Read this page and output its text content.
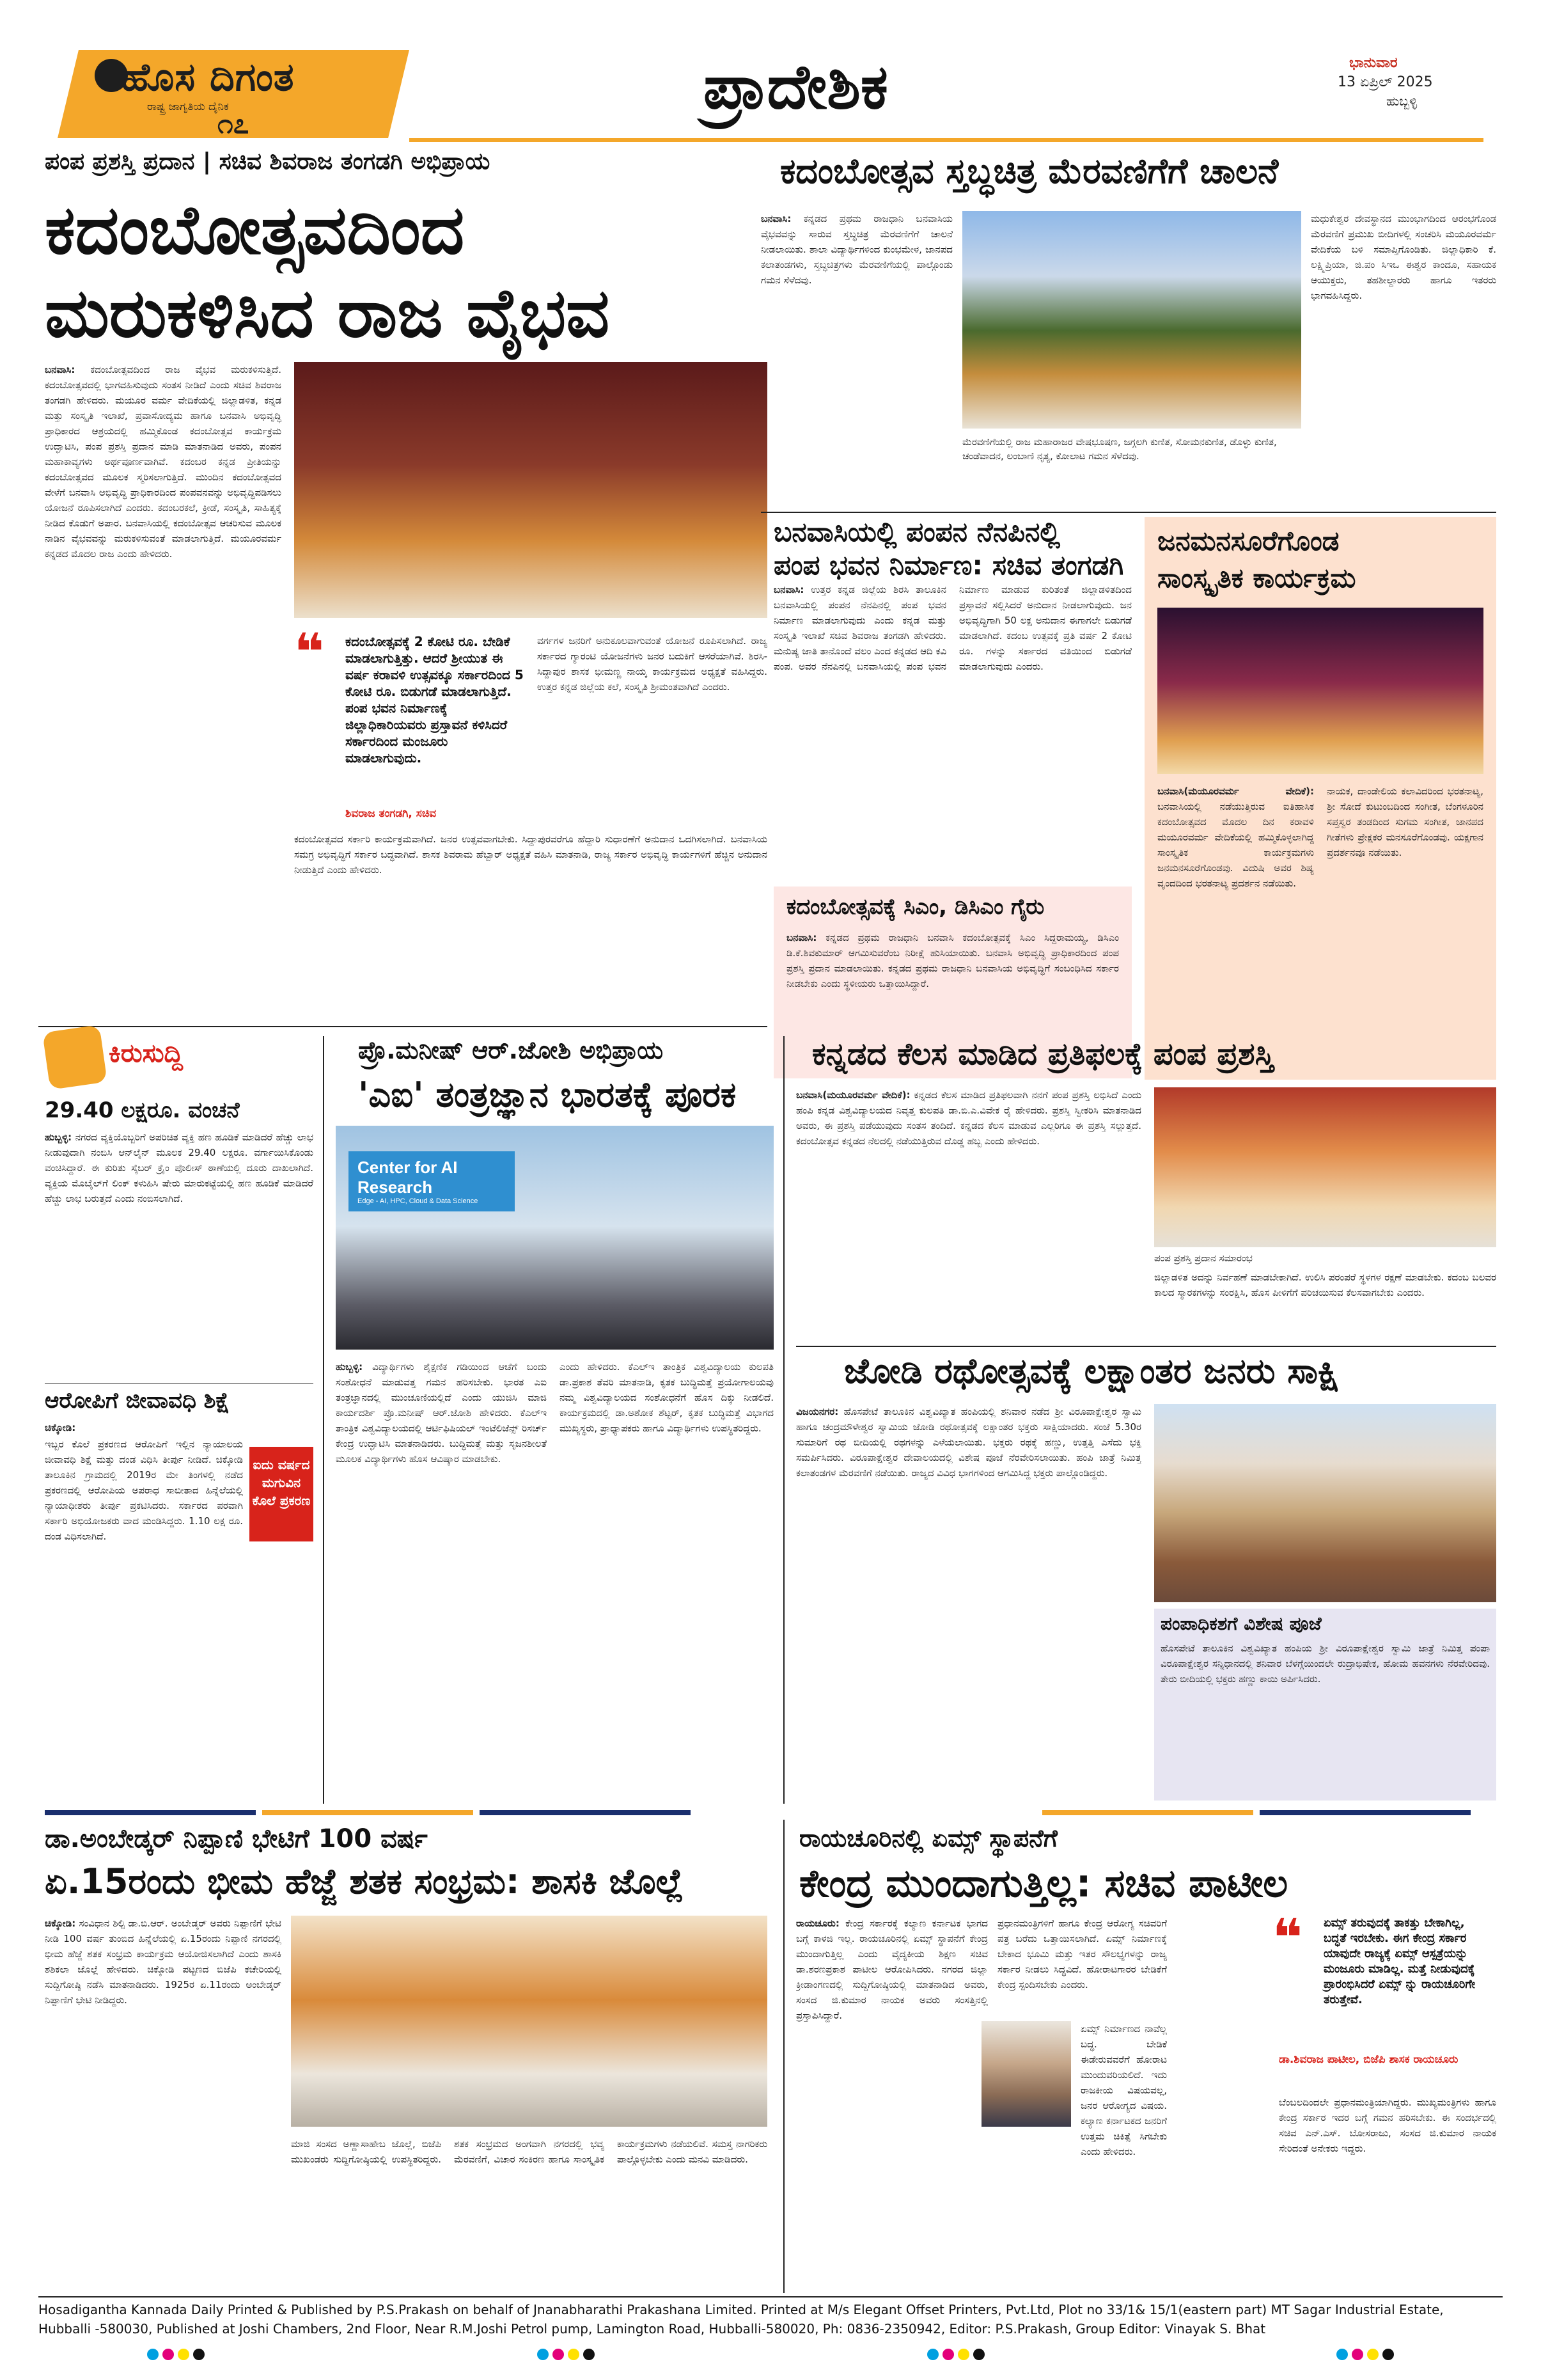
ಹೊಸ ದಿಗಂತ
ರಾಷ್ಟ್ರ ಜಾಗೃತಿಯ ದೈನಿಕ
೧೭
ಪ್ರಾದೇಶಿಕ	ಭಾನುವಾರ
13 ಏಪ್ರಿಲ್ 2025
ಹುಬ್ಬಳ್ಳಿ
ಪಂಪ ಪ್ರಶಸ್ತಿ ಪ್ರದಾನ | ಸಚಿವ ಶಿವರಾಜ ತಂಗಡಗಿ ಅಭಿಪ್ರಾಯ
ಕದಂಬೋತ್ಸವದಿಂದ
ಮರುಕಳಿಸಿದ ರಾಜ ವೈಭವ
ಬನವಾಸಿ: ಕದಂಬೋತ್ಸವದಿಂದ ರಾಜ ವೈಭವ ಮರುಕಳಿಸುತ್ತಿದೆ. ಕದಂಬೋತ್ಸವದಲ್ಲಿ ಭಾಗವಹಿಸುವುದು ಸಂತಸ ನೀಡಿದೆ ಎಂದು ಸಚಿವ ಶಿವರಾಜ ತಂಗಡಗಿ ಹೇಳಿದರು. ಮಯೂರ ವರ್ಮ ವೇದಿಕೆಯಲ್ಲಿ ಜಿಲ್ಲಾಡಳಿತ, ಕನ್ನಡ ಮತ್ತು ಸಂಸ್ಕೃತಿ ಇಲಾಖೆ, ಪ್ರವಾಸೋದ್ಯಮ ಹಾಗೂ ಬನವಾಸಿ ಅಭಿವೃದ್ಧಿ ಪ್ರಾಧಿಕಾರದ ಆಶ್ರಯದಲ್ಲಿ ಹಮ್ಮಿಕೊಂಡ ಕದಂಬೋತ್ಸವ ಕಾರ್ಯಕ್ರಮ ಉದ್ಘಾಟಿಸಿ, ಪಂಪ ಪ್ರಶಸ್ತಿ ಪ್ರದಾನ ಮಾಡಿ ಮಾತನಾಡಿದ ಅವರು, ಪಂಪನ ಮಹಾಕಾವ್ಯಗಳು ಅರ್ಥಪೂರ್ಣವಾಗಿವೆ. ಕದಂಬರ ಕನ್ನಡ ಪ್ರೀತಿಯನ್ನು ಕದಂಬೋತ್ಸವದ ಮೂಲಕ ಸ್ಮರಿಸಲಾಗುತ್ತಿದೆ. ಮುಂದಿನ ಕದಂಬೋತ್ಸವದ ವೇಳೆಗೆ ಬನವಾಸಿ ಅಭಿವೃದ್ಧಿ ಪ್ರಾಧಿಕಾರದಿಂದ ಪಂಪವನವನ್ನು ಅಭಿವೃದ್ಧಿಪಡಿಸಲು ಯೋಜನೆ ರೂಪಿಸಲಾಗಿದೆ ಎಂದರು. ಕದಂಬರಕಲೆ, ಕ್ರೀಡೆ, ಸಂಸ್ಕೃತಿ, ಸಾಹಿತ್ಯಕ್ಕೆ ನೀಡಿದ ಕೊಡುಗೆ ಅಪಾರ. ಬನವಾಸಿಯಲ್ಲಿ ಕದಂಬೋತ್ಸವ ಆಚರಿಸುವ ಮೂಲಕ ನಾಡಿನ ವೈಭವವನ್ನು ಮರುಕಳಿಸುವಂತೆ ಮಾಡಲಾಗುತ್ತಿದೆ. ಮಯೂರವರ್ಮ ಕನ್ನಡದ ಮೊದಲ ರಾಜ ಎಂದು ಹೇಳಿದರು.
❝	ಕದಂಬೋತ್ಸವಕ್ಕೆ 2 ಕೋಟಿ ರೂ. ಬೇಡಿಕೆ ಮಾಡಲಾಗುತ್ತಿತ್ತು. ಆದರೆ ಶ್ರೀಯುತ ಈ ವರ್ಷ ಕರಾವಳಿ ಉತ್ಸವಕ್ಕೂ ಸರ್ಕಾರದಿಂದ 5 ಕೋಟಿ ರೂ. ಬಿಡುಗಡೆ ಮಾಡಲಾಗುತ್ತಿದೆ. ಪಂಪ ಭವನ ನಿರ್ಮಾಣಕ್ಕೆ ಜಿಲ್ಲಾಧಿಕಾರಿಯವರು ಪ್ರಸ್ತಾವನೆ ಕಳಿಸಿದರೆ ಸರ್ಕಾರದಿಂದ ಮಂಜೂರು ಮಾಡಲಾಗುವುದು.
ಶಿವರಾಜ ತಂಗಡಗಿ, ಸಚಿವ
ವರ್ಗಗಳ ಜನರಿಗೆ ಅನುಕೂಲವಾಗುವಂತೆ ಯೋಜನೆ ರೂಪಿಸಲಾಗಿದೆ. ರಾಜ್ಯ ಸರ್ಕಾರದ ಗ್ಯಾರಂಟಿ ಯೋಜನೆಗಳು ಜನರ ಬದುಕಿಗೆ ಆಸರೆಯಾಗಿವೆ. ಶಿರಸಿ-ಸಿದ್ದಾಪುರ ಶಾಸಕ ಭೀಮಣ್ಣ ನಾಯ್ಕ ಕಾರ್ಯಕ್ರಮದ ಅಧ್ಯಕ್ಷತೆ ವಹಿಸಿದ್ದರು. ಉತ್ತರ ಕನ್ನಡ ಜಿಲ್ಲೆಯ ಕಲೆ, ಸಂಸ್ಕೃತಿ ಶ್ರೀಮಂತವಾಗಿದೆ ಎಂದರು.
ಕದಂಬೋತ್ಸವದ ಸರ್ಕಾರಿ ಕಾರ್ಯಕ್ರಮವಾಗಿದೆ. ಜನರ ಉತ್ಸವವಾಗಬೇಕು. ಸಿದ್ದಾಪುರವರೆಗೂ ಹೆದ್ದಾರಿ ಸುಧಾರಣೆಗೆ ಅನುದಾನ ಒದಗಿಸಲಾಗಿದೆ. ಬನವಾಸಿಯ ಸಮಗ್ರ ಅಭಿವೃದ್ಧಿಗೆ ಸರ್ಕಾರ ಬದ್ಧವಾಗಿದೆ. ಶಾಸಕ ಶಿವರಾಮ ಹೆಬ್ಬಾರ್ ಅಧ್ಯಕ್ಷತೆ ವಹಿಸಿ ಮಾತನಾಡಿ, ರಾಜ್ಯ ಸರ್ಕಾರ ಅಭಿವೃದ್ಧಿ ಕಾರ್ಯಗಳಿಗೆ ಹೆಚ್ಚಿನ ಅನುದಾನ ನೀಡುತ್ತಿದೆ ಎಂದು ಹೇಳಿದರು.
ಕದಂಬೋತ್ಸವ ಸ್ತಬ್ಧಚಿತ್ರ ಮೆರವಣಿಗೆಗೆ ಚಾಲನೆ
ಬನವಾಸಿ: ಕನ್ನಡದ ಪ್ರಥಮ ರಾಜಧಾನಿ ಬನವಾಸಿಯ ವೈಭವವನ್ನು ಸಾರುವ ಸ್ತಬ್ಧಚಿತ್ರ ಮೆರವಣಿಗೆಗೆ ಚಾಲನೆ ನೀಡಲಾಯಿತು. ಶಾಲಾ ವಿದ್ಯಾರ್ಥಿಗಳಿಂದ ಕುಂಭಮೇಳ, ಜಾನಪದ ಕಲಾತಂಡಗಳು, ಸ್ತಬ್ಧಚಿತ್ರಗಳು ಮೆರವಣಿಗೆಯಲ್ಲಿ ಪಾಲ್ಗೊಂಡು ಗಮನ ಸೆಳೆದವು.
ಮೆರವಣಿಗೆಯಲ್ಲಿ ರಾಜ ಮಹಾರಾಜರ ವೇಷಭೂಷಣ, ಜಗ್ಗಲಗಿ ಕುಣಿತ, ಸೋಮನಕುಣಿತ, ಡೊಳ್ಳು ಕುಣಿತ, ಚಂಡೆವಾದನ, ಲಂಬಾಣಿ ನೃತ್ಯ, ಕೋಲಾಟ ಗಮನ ಸೆಳೆದವು.
ಮಧುಕೇಶ್ವರ ದೇವಸ್ಥಾನದ ಮುಂಭಾಗದಿಂದ ಆರಂಭಗೊಂಡ ಮೆರವಣಿಗೆ ಪ್ರಮುಖ ಬೀದಿಗಳಲ್ಲಿ ಸಂಚರಿಸಿ ಮಯೂರವರ್ಮ ವೇದಿಕೆಯ ಬಳಿ ಸಮಾಪ್ತಿಗೊಂಡಿತು. ಜಿಲ್ಲಾಧಿಕಾರಿ ಕೆ. ಲಕ್ಷ್ಮಿಪ್ರಿಯಾ, ಜಿ.ಪಂ ಸಿಇಒ ಈಶ್ವರ ಕಾಂದೂ, ಸಹಾಯಕ ಆಯುಕ್ತರು, ತಹಶೀಲ್ದಾರರು ಹಾಗೂ ಇತರರು ಭಾಗವಹಿಸಿದ್ದರು.
ಬನವಾಸಿಯಲ್ಲಿ ಪಂಪನ ನೆನಪಿನಲ್ಲಿ
ಪಂಪ ಭವನ ನಿರ್ಮಾಣ: ಸಚಿವ ತಂಗಡಗಿ
ಬನವಾಸಿ: ಉತ್ತರ ಕನ್ನಡ ಜಿಲ್ಲೆಯ ಶಿರಸಿ ತಾಲೂಕಿನ ಬನವಾಸಿಯಲ್ಲಿ ಪಂಪನ ನೆನಪಿನಲ್ಲಿ ಪಂಪ ಭವನ ನಿರ್ಮಾಣ ಮಾಡಲಾಗುವುದು ಎಂದು ಕನ್ನಡ ಮತ್ತು ಸಂಸ್ಕೃತಿ ಇಲಾಖೆ ಸಚಿವ ಶಿವರಾಜ ತಂಗಡಗಿ ಹೇಳಿದರು. ಮನುಷ್ಯ ಜಾತಿ ತಾನೊಂದೆ ವಲಂ ಎಂದ ಕನ್ನಡದ ಆದಿ ಕವಿ ಪಂಪ. ಅವರ ನೆನಪಿನಲ್ಲಿ ಬನವಾಸಿಯಲ್ಲಿ ಪಂಪ ಭವನ ನಿರ್ಮಾಣ ಮಾಡುವ ಕುರಿತಂತೆ ಜಿಲ್ಲಾಡಳಿತದಿಂದ ಪ್ರಸ್ತಾವನೆ ಸಲ್ಲಿಸಿದರೆ ಅನುದಾನ ನೀಡಲಾಗುವುದು. ಜನ ಅಭಿವೃದ್ಧಿಗಾಗಿ 50 ಲಕ್ಷ ಅನುದಾನ ಈಗಾಗಲೇ ಬಿಡುಗಡೆ ಮಾಡಲಾಗಿದೆ. ಕದಂಬ ಉತ್ಸವಕ್ಕೆ ಪ್ರತಿ ವರ್ಷ 2 ಕೋಟಿ ರೂ. ಗಳನ್ನು ಸರ್ಕಾರದ ವತಿಯಿಂದ ಬಿಡುಗಡೆ ಮಾಡಲಾಗುವುದು ಎಂದರು.
ಜನಮನಸೂರೆಗೊಂಡ
ಸಾಂಸ್ಕೃತಿಕ ಕಾರ್ಯಕ್ರಮ
ಬನವಾಸಿ(ಮಯೂರವರ್ಮ ವೇದಿಕೆ): ಬನವಾಸಿಯಲ್ಲಿ ನಡೆಯುತ್ತಿರುವ ಐತಿಹಾಸಿಕ ಕದಂಬೋತ್ಸವದ ಮೊದಲ ದಿನ ಕರಾವಳಿ ಮಯೂರವರ್ಮ ವೇದಿಕೆಯಲ್ಲಿ ಹಮ್ಮಿಕೊಳ್ಳಲಾಗಿದ್ದ ಸಾಂಸ್ಕೃತಿಕ ಕಾರ್ಯಕ್ರಮಗಳು ಜನಮನಸೂರೆಗೊಂಡವು. ವಿದುಷಿ ಅವರ ಶಿಷ್ಯ ವೃಂದದಿಂದ ಭರತನಾಟ್ಯ ಪ್ರದರ್ಶನ ನಡೆಯಿತು.
ನಾಯಕ, ದಾಂಡೇಲಿಯ ಕಲಾವಿದರಿಂದ ಭರತನಾಟ್ಯ, ಶ್ರೀ ಸೋದೆ ಕುಟುಂಬದಿಂದ ಸಂಗೀತ, ಬೆಂಗಳೂರಿನ ಸಪ್ತಸ್ವರ ತಂಡದಿಂದ ಸುಗಮ ಸಂಗೀತ, ಜಾನಪದ ಗೀತೆಗಳು ಪ್ರೇಕ್ಷಕರ ಮನಸೂರೆಗೊಂಡವು. ಯಕ್ಷಗಾನ ಪ್ರದರ್ಶನವೂ ನಡೆಯಿತು.
ಕದಂಬೋತ್ಸವಕ್ಕೆ ಸಿಎಂ, ಡಿಸಿಎಂ ಗೈರು
ಬನವಾಸಿ: ಕನ್ನಡದ ಪ್ರಥಮ ರಾಜಧಾನಿ ಬನವಾಸಿ ಕದಂಬೋತ್ಸವಕ್ಕೆ ಸಿಎಂ ಸಿದ್ದರಾಮಯ್ಯ, ಡಿಸಿಎಂ ಡಿ.ಕೆ.ಶಿವಕುಮಾರ್ ಆಗಮಿಸುವರೆಂಬ ನಿರೀಕ್ಷೆ ಹುಸಿಯಾಯಿತು. ಬನವಾಸಿ ಅಭಿವೃದ್ಧಿ ಪ್ರಾಧಿಕಾರದಿಂದ ಪಂಪ ಪ್ರಶಸ್ತಿ ಪ್ರದಾನ ಮಾಡಲಾಯಿತು. ಕನ್ನಡದ ಪ್ರಥಮ ರಾಜಧಾನಿ ಬನವಾಸಿಯ ಅಭಿವೃದ್ಧಿಗೆ ಸಂಬಂಧಿಸಿದ ಸರ್ಕಾರ ನೀಡಬೇಕು ಎಂದು ಸ್ಥಳೀಯರು ಒತ್ತಾಯಿಸಿದ್ದಾರೆ.
ಕಿರುಸುದ್ದಿ
29.40 ಲಕ್ಷರೂ. ವಂಚನೆ
ಹುಬ್ಬಳ್ಳಿ: ನಗರದ ವ್ಯಕ್ತಿಯೊಬ್ಬರಿಗೆ ಅಪರಿಚಿತ ವ್ಯಕ್ತಿ ಹಣ ಹೂಡಿಕೆ ಮಾಡಿದರೆ ಹೆಚ್ಚು ಲಾಭ ನೀಡುವುದಾಗಿ ನಂಬಿಸಿ ಆನ್‌ಲೈನ್ ಮೂಲಕ 29.40 ಲಕ್ಷರೂ. ವರ್ಗಾಯಿಸಿಕೊಂಡು ವಂಚಿಸಿದ್ದಾರೆ. ಈ ಕುರಿತು ಸೈಬರ್ ಕ್ರೈಂ ಪೊಲೀಸ್ ಠಾಣೆಯಲ್ಲಿ ದೂರು ದಾಖಲಾಗಿದೆ. ವ್ಯಕ್ತಿಯ ಮೊಬೈಲ್‌ಗೆ ಲಿಂಕ್ ಕಳುಹಿಸಿ ಷೇರು ಮಾರುಕಟ್ಟೆಯಲ್ಲಿ ಹಣ ಹೂಡಿಕೆ ಮಾಡಿದರೆ ಹೆಚ್ಚು ಲಾಭ ಬರುತ್ತದೆ ಎಂದು ನಂಬಿಸಲಾಗಿದೆ.
ಆರೋಪಿಗೆ ಜೀವಾವಧಿ ಶಿಕ್ಷೆ
ಚಿಕ್ಕೋಡಿ:
ಇಬ್ಬರ ಕೊಲೆ ಪ್ರಕರಣದ ಆರೋಪಿಗೆ ಇಲ್ಲಿನ ನ್ಯಾಯಾಲಯ ಜೀವಾವಧಿ ಶಿಕ್ಷೆ ಮತ್ತು ದಂಡ ವಿಧಿಸಿ ತೀರ್ಪು ನೀಡಿದೆ. ಚಿಕ್ಕೋಡಿ ತಾಲೂಕಿನ ಗ್ರಾಮದಲ್ಲಿ 2019ರ ಮೇ ತಿಂಗಳಲ್ಲಿ ನಡೆದ ಪ್ರಕರಣದಲ್ಲಿ ಆರೋಪಿಯ ಅಪರಾಧ ಸಾಬೀತಾದ ಹಿನ್ನೆಲೆಯಲ್ಲಿ ನ್ಯಾಯಾಧೀಶರು ತೀರ್ಪು ಪ್ರಕಟಿಸಿದರು. ಸರ್ಕಾರದ ಪರವಾಗಿ ಸರ್ಕಾರಿ ಅಭಿಯೋಜಕರು ವಾದ ಮಂಡಿಸಿದ್ದರು. 1.10 ಲಕ್ಷ ರೂ. ದಂಡ ವಿಧಿಸಲಾಗಿದೆ.
ಐದು ವರ್ಷದ ಮಗುವಿನ ಕೊಲೆ ಪ್ರಕರಣ
ಪ್ರೊ.ಮನೀಷ್ ಆರ್.ಜೋಶಿ ಅಭಿಪ್ರಾಯ
'ಎಐ' ತಂತ್ರಜ್ಞಾನ ಭಾರತಕ್ಕೆ ಪೂರಕ
Center for AI Research
Edge - AI, HPC, Cloud & Data Science
ಹುಬ್ಬಳ್ಳಿ: ವಿದ್ಯಾರ್ಥಿಗಳು ಶೈಕ್ಷಣಿಕ ಗಡಿಯಿಂದ ಆಚೆಗೆ ಬಂದು ಸಂಶೋಧನೆ ಮಾಡುವತ್ತ ಗಮನ ಹರಿಸಬೇಕು. ಭಾರತ ಎಐ ತಂತ್ರಜ್ಞಾನದಲ್ಲಿ ಮುಂಚೂಣಿಯಲ್ಲಿದೆ ಎಂದು ಯುಜಿಸಿ ಮಾಜಿ ಕಾರ್ಯದರ್ಶಿ ಪ್ರೊ.ಮನೀಷ್ ಆರ್.ಜೋಶಿ ಹೇಳಿದರು. ಕೆಎಲ್‌ಇ ತಾಂತ್ರಿಕ ವಿಶ್ವವಿದ್ಯಾಲಯದಲ್ಲಿ ಆರ್ಟಿಫಿಷಿಯಲ್ ಇಂಟೆಲಿಜೆನ್ಸ್ ರಿಸರ್ಚ್ ಕೇಂದ್ರ ಉದ್ಘಾಟಿಸಿ ಮಾತನಾಡಿದರು. ಬುದ್ಧಿಮತ್ತೆ ಮತ್ತು ಸೃಜನಶೀಲತೆ ಮೂಲಕ ವಿದ್ಯಾರ್ಥಿಗಳು ಹೊಸ ಆವಿಷ್ಕಾರ ಮಾಡಬೇಕು.
ಎಂದು ಹೇಳಿದರು. ಕೆಎಲ್‌ಇ ತಾಂತ್ರಿಕ ವಿಶ್ವವಿದ್ಯಾಲಯ ಕುಲಪತಿ ಡಾ.ಪ್ರಕಾಶ ತೆವರಿ ಮಾತನಾಡಿ, ಕೃತಕ ಬುದ್ಧಿಮತ್ತೆ ಪ್ರಯೋಗಾಲಯವು ನಮ್ಮ ವಿಶ್ವವಿದ್ಯಾಲಯದ ಸಂಶೋಧನೆಗೆ ಹೊಸ ದಿಕ್ಕು ನೀಡಲಿದೆ. ಕಾರ್ಯಕ್ರಮದಲ್ಲಿ ಡಾ.ಅಶೋಕ ಶೆಟ್ಟರ್, ಕೃತಕ ಬುದ್ಧಿಮತ್ತೆ ವಿಭಾಗದ ಮುಖ್ಯಸ್ಥರು, ಪ್ರಾಧ್ಯಾಪಕರು ಹಾಗೂ ವಿದ್ಯಾರ್ಥಿಗಳು ಉಪಸ್ಥಿತರಿದ್ದರು.
ಕನ್ನಡದ ಕೆಲಸ ಮಾಡಿದ ಪ್ರತಿಫಲಕ್ಕೆ ಪಂಪ ಪ್ರಶಸ್ತಿ
ಬನವಾಸಿ(ಮಯೂರವರ್ಮ ವೇದಿಕೆ): ಕನ್ನಡದ ಕೆಲಸ ಮಾಡಿದ ಪ್ರತಿಫಲವಾಗಿ ನನಗೆ ಪಂಪ ಪ್ರಶಸ್ತಿ ಲಭಿಸಿದೆ ಎಂದು ಹಂಪಿ ಕನ್ನಡ ವಿಶ್ವವಿದ್ಯಾಲಯದ ನಿವೃತ್ತ ಕುಲಪತಿ ಡಾ.ಬಿ.ಎ.ವಿವೇಕ ರೈ ಹೇಳಿದರು. ಪ್ರಶಸ್ತಿ ಸ್ವೀಕರಿಸಿ ಮಾತನಾಡಿದ ಅವರು, ಈ ಪ್ರಶಸ್ತಿ ಪಡೆಯುವುದು ಸಂತಸ ತಂದಿದೆ. ಕನ್ನಡದ ಕೆಲಸ ಮಾಡುವ ಎಲ್ಲರಿಗೂ ಈ ಪ್ರಶಸ್ತಿ ಸಲ್ಲುತ್ತದೆ. ಕದಂಬೋತ್ಸವ ಕನ್ನಡದ ನೆಲದಲ್ಲಿ ನಡೆಯುತ್ತಿರುವ ದೊಡ್ಡ ಹಬ್ಬ ಎಂದು ಹೇಳಿದರು.
ಪಂಪ ಪ್ರಶಸ್ತಿ ಪ್ರದಾನ ಸಮಾರಂಭ
ಜಿಲ್ಲಾಡಳಿತ ಅದನ್ನು ನಿರ್ವಹಣೆ ಮಾಡಬೇಕಾಗಿದೆ. ಉಲಿಸಿ ಪರಂಪರೆ ಸ್ಥಳಗಳ ರಕ್ಷಣೆ ಮಾಡಬೇಕು. ಕದಂಬ ಬಲವರ ಕಾಲದ ಸ್ಮಾರಕಗಳನ್ನು ಸಂರಕ್ಷಿಸಿ, ಹೊಸ ಪೀಳಿಗೆಗೆ ಪರಿಚಯಿಸುವ ಕೆಲಸವಾಗಬೇಕು ಎಂದರು.
ಜೋಡಿ ರಥೋತ್ಸವಕ್ಕೆ ಲಕ್ಷಾಂತರ ಜನರು ಸಾಕ್ಷಿ
ವಿಜಯನಗರ: ಹೊಸಪೇಟೆ ತಾಲೂಕಿನ ವಿಶ್ವವಿಖ್ಯಾತ ಹಂಪಿಯಲ್ಲಿ ಶನಿವಾರ ನಡೆದ ಶ್ರೀ ವಿರೂಪಾಕ್ಷೇಶ್ವರ ಸ್ವಾಮಿ ಹಾಗೂ ಚಂದ್ರಮೌಳೇಶ್ವರ ಸ್ವಾಮಿಯ ಜೋಡಿ ರಥೋತ್ಸವಕ್ಕೆ ಲಕ್ಷಾಂತರ ಭಕ್ತರು ಸಾಕ್ಷಿಯಾದರು. ಸಂಜೆ 5.30ರ ಸುಮಾರಿಗೆ ರಥ ಬೀದಿಯಲ್ಲಿ ರಥಗಳನ್ನು ಎಳೆಯಲಾಯಿತು. ಭಕ್ತರು ರಥಕ್ಕೆ ಹಣ್ಣು, ಉತ್ತತ್ತಿ ಎಸೆದು ಭಕ್ತಿ ಸಮರ್ಪಿಸಿದರು. ವಿರೂಪಾಕ್ಷೇಶ್ವರ ದೇವಾಲಯದಲ್ಲಿ ವಿಶೇಷ ಪೂಜೆ ನೆರವೇರಿಸಲಾಯಿತು. ಹಂಪಿ ಜಾತ್ರೆ ನಿಮಿತ್ತ ಕಲಾತಂಡಗಳ ಮೆರವಣಿಗೆ ನಡೆಯಿತು. ರಾಜ್ಯದ ವಿವಿಧ ಭಾಗಗಳಿಂದ ಆಗಮಿಸಿದ್ದ ಭಕ್ತರು ಪಾಲ್ಗೊಂಡಿದ್ದರು.
ಪಂಪಾಧಿಕಶಗೆ ವಿಶೇಷ ಪೂಜೆ
ಹೊಸಪೇಟೆ ತಾಲೂಕಿನ ವಿಶ್ವವಿಖ್ಯಾತ ಹಂಪಿಯ ಶ್ರೀ ವಿರೂಪಾಕ್ಷೇಶ್ವರ ಸ್ವಾಮಿ ಜಾತ್ರೆ ನಿಮಿತ್ತ ಪಂಪಾ ವಿರೂಪಾಕ್ಷೇಶ್ವರ ಸನ್ನಿಧಾನದಲ್ಲಿ ಶನಿವಾರ ಬೆಳಗ್ಗೆಯಿಂದಲೇ ರುದ್ರಾಭಿಷೇಕ, ಹೋಮ ಹವನಗಳು ನೆರವೇರಿದವು. ತೇರು ಬೀದಿಯಲ್ಲಿ ಭಕ್ತರು ಹಣ್ಣು ಕಾಯಿ ಅರ್ಪಿಸಿದರು.
ಡಾ.ಅಂಬೇಡ್ಕರ್ ನಿಪ್ಪಾಣಿ ಭೇಟಿಗೆ 100 ವರ್ಷ
ಏ.15ರಂದು ಭೀಮ ಹೆಜ್ಜೆ ಶತಕ ಸಂಭ್ರಮ: ಶಾಸಕಿ ಜೊಲ್ಲೆ
ಚಿಕ್ಕೋಡಿ: ಸಂವಿಧಾನ ಶಿಲ್ಪಿ ಡಾ.ಬಿ.ಆರ್. ಅಂಬೇಡ್ಕರ್ ಅವರು ನಿಪ್ಪಾಣಿಗೆ ಭೇಟಿ ನೀಡಿ 100 ವರ್ಷ ತುಂಬಿದ ಹಿನ್ನೆಲೆಯಲ್ಲಿ ಏ.15ರಂದು ನಿಪ್ಪಾಣಿ ನಗರದಲ್ಲಿ ಭೀಮ ಹೆಜ್ಜೆ ಶತಕ ಸಂಭ್ರಮ ಕಾರ್ಯಕ್ರಮ ಆಯೋಜಿಸಲಾಗಿದೆ ಎಂದು ಶಾಸಕಿ ಶಶಿಕಲಾ ಜೊಲ್ಲೆ ಹೇಳಿದರು. ಚಿಕ್ಕೋಡಿ ಪಟ್ಟಣದ ಬಿಜೆಪಿ ಕಚೇರಿಯಲ್ಲಿ ಸುದ್ದಿಗೋಷ್ಠಿ ನಡೆಸಿ ಮಾತನಾಡಿದರು. 1925ರ ಏ.11ರಂದು ಅಂಬೇಡ್ಕರ್ ನಿಪ್ಪಾಣಿಗೆ ಭೇಟಿ ನೀಡಿದ್ದರು.
ಮಾಜಿ ಸಂಸದ ಅಣ್ಣಾಸಾಹೇಬ ಜೊಲ್ಲೆ, ಬಿಜೆಪಿ ಮುಖಂಡರು ಸುದ್ದಿಗೋಷ್ಠಿಯಲ್ಲಿ ಉಪಸ್ಥಿತರಿದ್ದರು. ಶತಕ ಸಂಭ್ರಮದ ಅಂಗವಾಗಿ ನಗರದಲ್ಲಿ ಭವ್ಯ ಮೆರವಣಿಗೆ, ವಿಚಾರ ಸಂಕಿರಣ ಹಾಗೂ ಸಾಂಸ್ಕೃತಿಕ ಕಾರ್ಯಕ್ರಮಗಳು ನಡೆಯಲಿವೆ. ಸಮಸ್ತ ನಾಗರಿಕರು ಪಾಲ್ಗೊಳ್ಳಬೇಕು ಎಂದು ಮನವಿ ಮಾಡಿದರು.
ರಾಯಚೂರಿನಲ್ಲಿ ಏಮ್ಸ್ ಸ್ಥಾಪನೆಗೆ
ಕೇಂದ್ರ ಮುಂದಾಗುತ್ತಿಲ್ಲ: ಸಚಿವ ಪಾಟೀಲ
ರಾಯಚೂರು: ಕೇಂದ್ರ ಸರ್ಕಾರಕ್ಕೆ ಕಲ್ಯಾಣ ಕರ್ನಾಟಕ ಭಾಗದ ಬಗ್ಗೆ ಕಾಳಜಿ ಇಲ್ಲ. ರಾಯಚೂರಿನಲ್ಲಿ ಏಮ್ಸ್ ಸ್ಥಾಪನೆಗೆ ಕೇಂದ್ರ ಮುಂದಾಗುತ್ತಿಲ್ಲ ಎಂದು ವೈದ್ಯಕೀಯ ಶಿಕ್ಷಣ ಸಚಿವ ಡಾ.ಶರಣಪ್ರಕಾಶ ಪಾಟೀಲ ಆರೋಪಿಸಿದರು. ನಗರದ ಜಿಲ್ಲಾ ಕ್ರೀಡಾಂಗಣದಲ್ಲಿ ಸುದ್ದಿಗೋಷ್ಠಿಯಲ್ಲಿ ಮಾತನಾಡಿದ ಅವರು, ಸಂಸದ ಜಿ.ಕುಮಾರ ನಾಯಕ ಅವರು ಸಂಸತ್ತಿನಲ್ಲಿ ಪ್ರಸ್ತಾಪಿಸಿದ್ದಾರೆ.
ಪ್ರಧಾನಮಂತ್ರಿಗಳಿಗೆ ಹಾಗೂ ಕೇಂದ್ರ ಆರೋಗ್ಯ ಸಚಿವರಿಗೆ ಪತ್ರ ಬರೆದು ಒತ್ತಾಯಿಸಲಾಗಿದೆ. ಏಮ್ಸ್ ನಿರ್ಮಾಣಕ್ಕೆ ಬೇಕಾದ ಭೂಮಿ ಮತ್ತು ಇತರ ಸೌಲಭ್ಯಗಳನ್ನು ರಾಜ್ಯ ಸರ್ಕಾರ ನೀಡಲು ಸಿದ್ಧವಿದೆ. ಹೋರಾಟಗಾರರ ಬೇಡಿಕೆಗೆ ಕೇಂದ್ರ ಸ್ಪಂದಿಸಬೇಕು ಎಂದರು.
ಏಮ್ಸ್ ನಿರ್ಮಾಣದ ನಾವೆಲ್ಲ ಬದ್ಧ. ಬೇಡಿಕೆ ಈಡೇರುವವರೆಗೆ ಹೋರಾಟ ಮುಂದುವರಿಯಲಿದೆ. ಇದು ರಾಜಕೀಯ ವಿಷಯವಲ್ಲ, ಜನರ ಆರೋಗ್ಯದ ವಿಷಯ. ಕಲ್ಯಾಣ ಕರ್ನಾಟಕದ ಜನರಿಗೆ ಉತ್ತಮ ಚಿಕಿತ್ಸೆ ಸಿಗಬೇಕು ಎಂದು ಹೇಳಿದರು.
❝	ಏಮ್ಸ್ ತರುವುದಕ್ಕೆ ತಾಕತ್ತು ಬೇಕಾಗಿಲ್ಲ, ಬದ್ಧತೆ ಇರಬೇಕು. ಈಗ ಕೇಂದ್ರ ಸರ್ಕಾರ ಯಾವುದೇ ರಾಜ್ಯಕ್ಕೆ ಏಮ್ಸ್ ಆಸ್ಪತ್ರೆಯನ್ನು ಮಂಜೂರು ಮಾಡಿಲ್ಲ. ಮತ್ತೆ ನೀಡುವುದಕ್ಕೆ ಪ್ರಾರಂಭಿಸಿದರೆ ಏಮ್ಸ್ ನ್ನು ರಾಯಚೂರಿಗೇ ತರುತ್ತೇವೆ.
ಡಾ.ಶಿವರಾಜ ಪಾಟೀಲ, ಬಿಜೆಪಿ ಶಾಸಕ ರಾಯಚೂರು
ಬೆಂಬಲದಿಂದಲೇ ಪ್ರಧಾನಮಂತ್ರಿಯಾಗಿದ್ದರು. ಮುಖ್ಯಮಂತ್ರಿಗಳು ಹಾಗೂ ಕೇಂದ್ರ ಸರ್ಕಾರ ಇದರ ಬಗ್ಗೆ ಗಮನ ಹರಿಸಬೇಕು. ಈ ಸಂದರ್ಭದಲ್ಲಿ ಸಚಿವ ಎನ್.ಎಸ್. ಬೋಸರಾಜು, ಸಂಸದ ಜಿ.ಕುಮಾರ ನಾಯಕ ಸೇರಿದಂತೆ ಅನೇಕರು ಇದ್ದರು.
Hosadigantha Kannada Daily Printed & Published by P.S.Prakash on behalf of Jnanabharathi Prakashana Limited. Printed at M/s Elegant Offset Printers, Pvt.Ltd, Plot no 33/1& 15/1(eastern part) MT Sagar Industrial Estate,
Hubballi -580030, Published at Joshi Chambers, 2nd Floor, Near R.M.Joshi Petrol pump, Lamington Road, Hubballi-580020, Ph: 0836-2350942, Editor: P.S.Prakash, Group Editor: Vinayak S. Bhat
